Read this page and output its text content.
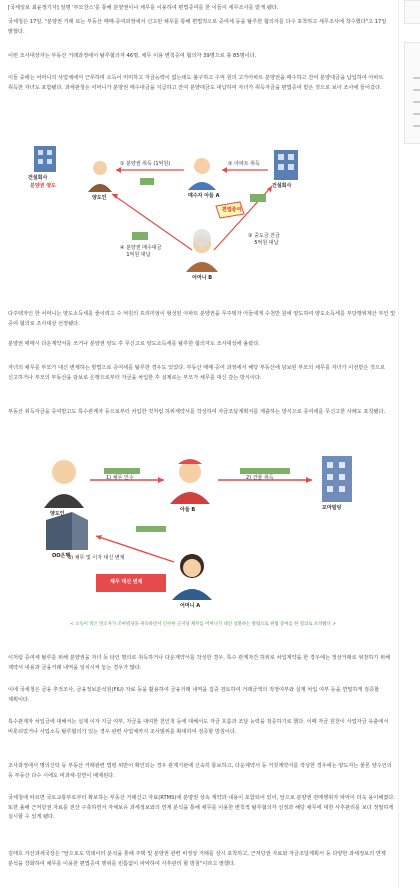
[국세일보 최윤정기자] 일명 '부모찬스'를 통해 분양권이나 채무를 이용하여 편법증여를 한 이들이 세무조사를 받게 됐다.

국세청은 17일, "분양권 거래 또는 부동산 매매·증여과정에서 신고된 채무를 통해 편법적으로 증여세 등을 탈루한 혐의자를 다수 포착하고 세무조사에 착수했다"고 17일 밝혔다.

이번 조사대상자는 부동산 거래과정에서 탈루혐의자 46명, 채무 이용 변칙증여 혐의자 39명으로 총 85명이다.

이들 중에는 어머니의 사업체에서 근무하며 소득이 미미하고 자금능력이 없는데도 불구하고 수억 원의 고가아파트 분양권을 매수하고 잔여 분양대금을 납입하여 아파트 취득한 자녀도 포함됐다. 과세관청은 어머니가 분양권 매수대금을 지급하고 잔여 분양대금도 대납하여 자녀가 취득자금을 편법증여 받은 것으로 보아 조사에 들어갔다.

다주택자인 한 어머니는 양도소득세를 줄이려고 수 억원의 프리미엄이 형성된 아파트 분양권을 무주택자 아들에게 수천만 원에 양도하여 양도소득세를 부당행위계산 부인 및 증여 혐의로 조사대상 선정됐다.

분양권 매매시 다운계약서를 쓰거나 분양권 양도 후 무신고로 양도소득세를 탈루한 혐의자도 조사대상에 올랐다.

자녀의 채무를 부모가 대신 변제하는 방법으로 증여세를 탈루한 경우도 있었다. 부동산 매매·증여 과정에서 해당 부동산에 담보된 부모의 채무를 자녀가 이전받은 것으로 신고하거나 부모의 부동산을 담보로 은행으로부터 자금을 차입한 후 실제로는 부모가 채무를 대신 갚는 방식이다.

부동산 취득자금을 증여받고도 특수관계자 등으로부터 차입한 것처럼 허위계약서를 작성하여 자금조달계획서를 제출하는 방식으로 증여세를 무신고한 사례도 포착됐다.

이처럼 증여세 탈루를 위해 분양권을 자녀 등 타인 명의로 취득하거나 다운계약서를 작성한 경우, 특수 관계자간 허위로 차입계약을 한 경우에는 정상거래로 위장하기 위해 계약서 내용과 금융거래 내역을 일치시켜 놓는 경우가 많다.

이에 국세청은 금융 추적조사, 금융정보분석원(FIU) 자료 등을 활용하여 금융거래 내역을 집중 검토하여 거래금액의 적정여부와 실제 차입 여부 등을 면밀하게 검증할 계획이다.

특수관계자 차입금에 대해서는 실제 이자 지급 여부, 자금을 대여한 친인척 등에 대해서도 자금 흐름과 조달 능력을 검증하기로 했다. 이때 자금 원천이 사업자금 유출에서 비롯되었거나 사업소득 탈루혐의가 있는 경우 관련 사업체까지 조사범위를 확대하여 검증할 방침이다.

조사과정에서 명의신탁 등 부동산 거래관련 법령 위반이 확인되는 경우 관계기관에 신속히 통보하고, 다운계약서 등 거짓계약서를 작성한 경우에는 양도자는 물론 양수인의 등 부동산 다수 시에도 비과세·감면이 배제된다.

국세청에 따르면 국토교통부로부터 확보하는 부동산 거래신고 자료(RTMS)에 분양권 상속 계약과 내용이 포함되어 있어, 앞으로 분양권 전매행위자 파악이 더욱 용이해졌다. 또한 올해 근저당권 자료를 전산 구축하면서 자체보유 과세정보와의 연계 분석을 통해 채무를 이용한 변칙적 탈루혐의자 선정과 해당 채무에 대한 사후관리를 보다 정밀하게 실시할 수 있게 됐다.

김태호 자산과세국장은 "앞으로도 빅데이터 분석을 통해 주택 및 분양권 관련 비정상 거래를 상시 포착하고, 근저당권 자료와 자금조달계획서 등 다양한 과세정보의 연계 분석을 강화하여 채무를 이용한 편법증여 행위를 빈틈없이 파악하여 사후관리 할 방침"이라고 말했다.

건설회사
분양권 양도
양도인
① 분양권 취득 (1억원)
매수자 아들 A
② 아파트 취득
건설회사
④ 분양권 매수대금
1억원 대납
편법증여
③ 중도금 잔금
5억원 대납
어머니 B
양도인
1) 채무 인수
아들 B
2) 건물 취득
꼬마빌딩
OO은행
3) 채무 및 이자 대신 변제
채무 대신 변제
어머니 A
< 소득이 적은 민소자가 꼬마빌딩을 취득하면서 인수한 근저당 채무를 어머니가 대신 상환하는 방법으로 편법 증여를 한 혐의로 포착됐다 >
